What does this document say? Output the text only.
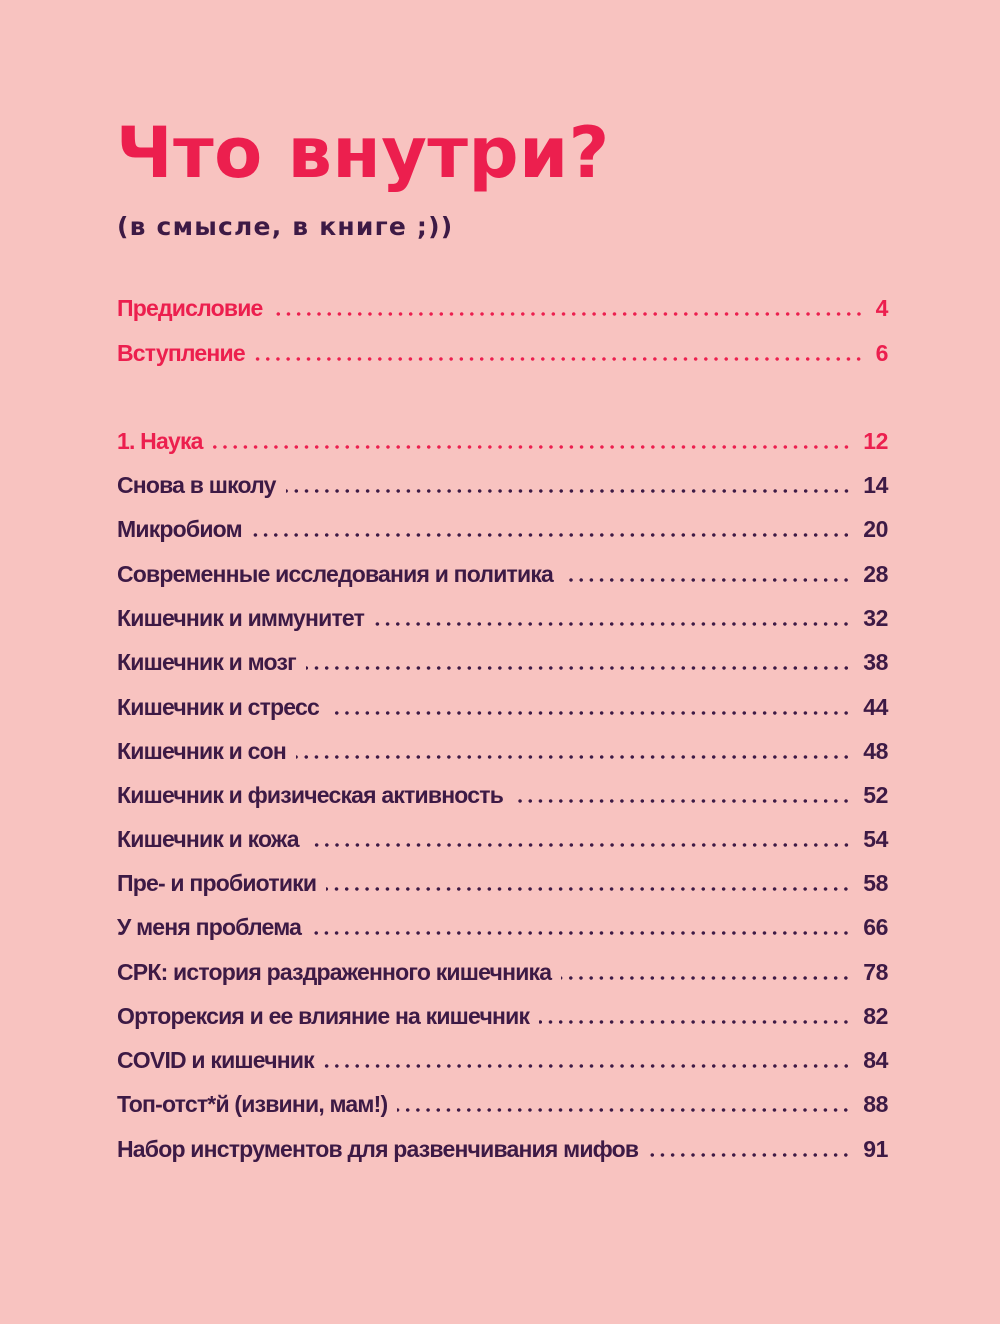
Что внутри?

(в смысле, в книге ;))

Предисловие	4
Вступление	6
1. Наука	12
Снова в школу	14
Микробиом	20
Современные исследования и политика	28
Кишечник и иммунитет	32
Кишечник и мозг	38
Кишечник и стресс	44
Кишечник и сон	48
Кишечник и физическая активность	52
Кишечник и кожа	54
Пре- и пробиотики	58
У меня проблема	66
СРК: история раздраженного кишечника	78
Орторексия и ее влияние на кишечник	82
COVID и кишечник	84
Топ-отст*й (извини, мам!)	88
Набор инструментов для развенчивания мифов	91
